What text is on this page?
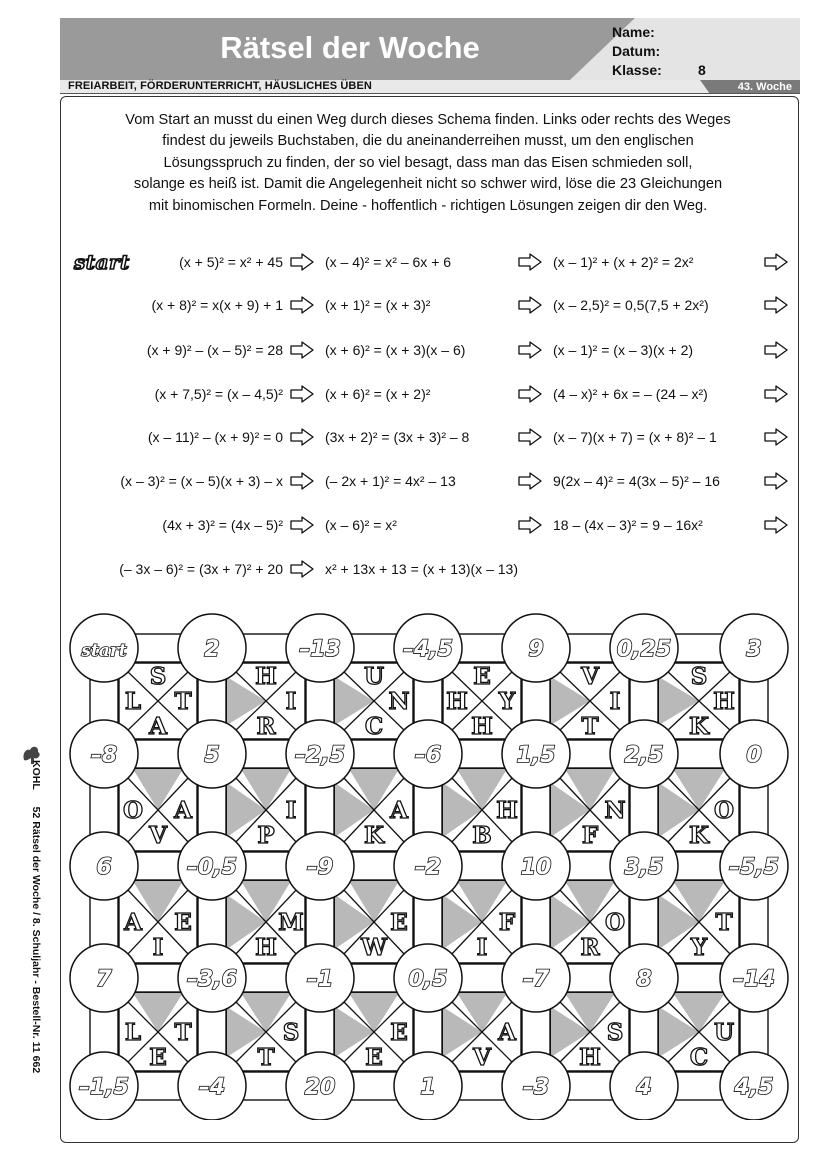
Rätsel der Woche	Name:
Datum:
Klasse:	8
FREIARBEIT, FÖRDERUNTERRICHT, HÄUSLICHES ÜBEN	43. Woche
Vom Start an musst du einen Weg durch dieses Schema finden. Links oder rechts des Weges
findest du jeweils Buchstaben, die du aneinanderreihen musst, um den englischen
Lösungsspruch zu finden, der so viel besagt, dass man das Eisen schmieden soll,
solange es heiß ist. Damit die Angelegenheit nicht so schwer wird, löse die 23 Gleichungen
mit binomischen Formeln. Deine - hoffentlich - richtigen Lösungen zeigen dir den Weg.
start	(x + 5)² = x² + 45	(x – 4)² = x² – 6x + 6	(x – 1)² + (x + 2)² = 2x²
(x + 8)² = x(x + 9) + 1	(x + 1)² = (x + 3)²	(x – 2,5)² = 0,5(7,5 + 2x²)
(x + 9)² – (x – 5)² = 28	(x + 6)² = (x + 3)(x – 6)	(x – 1)² = (x – 3)(x + 2)
(x + 7,5)² = (x – 4,5)²	(x + 6)² = (x + 2)²	(4 – x)² + 6x = – (24 – x²)
(x – 11)² – (x + 9)² = 0	(3x + 2)² = (3x + 3)² – 8	(x – 7)(x + 7) = (x + 8)² – 1
(x – 3)² = (x – 5)(x + 3) – x	(– 2x + 1)² = 4x² – 13	9(2x – 4)² = 4(3x – 5)² – 16
(4x + 3)² = (4x – 5)²	(x – 6)² = x²	18 – (4x – 3)² = 9 – 16x²
(– 3x – 6)² = (3x + 7)² + 20	x² + 13x + 13 = (x + 13)(x – 13)
S
L T
A
H
I
R
U
N
C
E
H Y
H
V
I
T
S
H
K
O A
V
I
P
A
K
H
B
N
F
O
K
A E
I
M
H
E
W
F
I
O
R
T
Y
L T
E
S
T
E
E
A
V
S
H
U
C
start	2	–13	–4,5	9	0,25	3
–8	5	–2,5	–6	1,5	2,5	0
6	–0,5	–9	–2	10	3,5	–5,5
7	–3,6	–1	0,5	–7	8	–14
–1,5	–4	20	1	–3	4	4,5
KOHL 52 Rätsel der Woche / 8. Schuljahr - Bestell-Nr. 11 662
